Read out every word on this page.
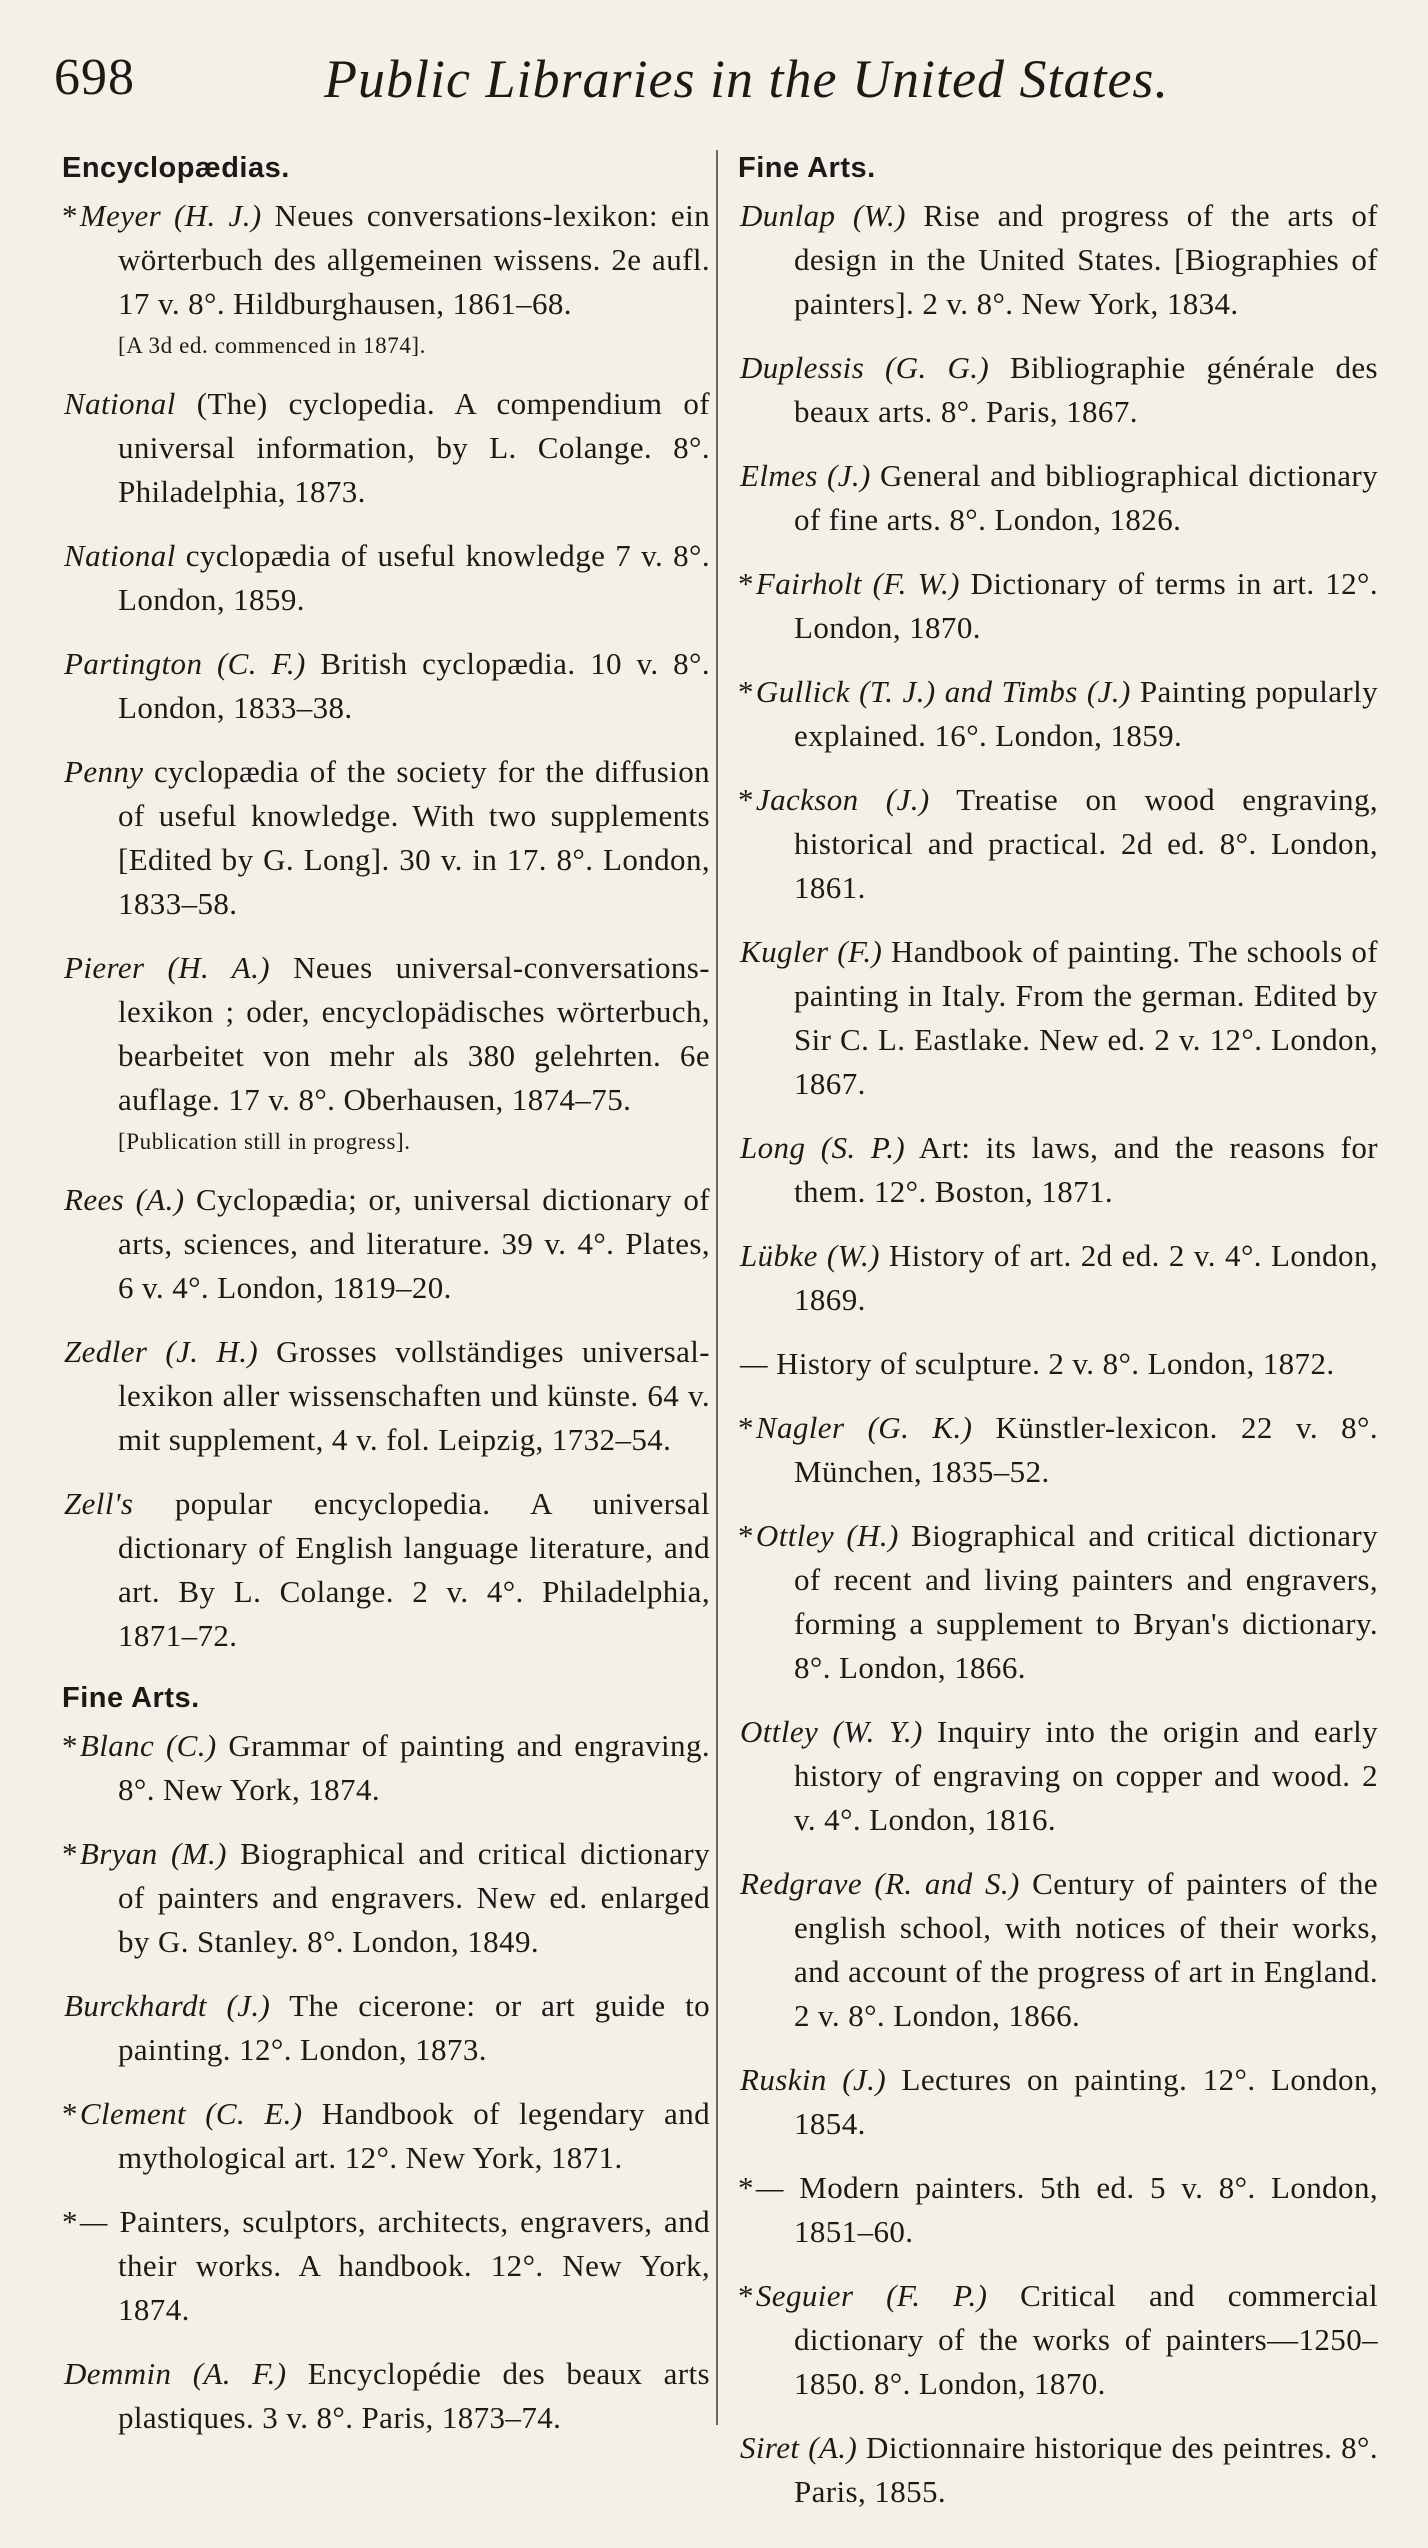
698	Public Libraries in the United States.
Encyclopædias.

*Meyer (H. J.) Neues conversations-lexikon: ein wörterbuch des allgemeinen wissens. 2e aufl. 17 v. 8°. Hildburghausen, 1861–68.

[A 3d ed. commenced in 1874].

National (The) cyclopedia. A compendium of universal information, by L. Colange. 8°. Philadelphia, 1873.

National cyclopædia of useful knowledge 7 v. 8°. London, 1859.

Partington (C. F.) British cyclopædia. 10 v. 8°. London, 1833–38.

Penny cyclopædia of the society for the diffusion of useful knowledge. With two supplements [Edited by G. Long]. 30 v. in 17. 8°. London, 1833–58.

Pierer (H. A.) Neues universal-conversations-lexikon ; oder, encyclopädisches wörterbuch, bearbeitet von mehr als 380 gelehrten. 6e auflage. 17 v. 8°. Oberhausen, 1874–75.

[Publication still in progress].

Rees (A.) Cyclopædia; or, universal dictionary of arts, sciences, and literature. 39 v. 4°. Plates, 6 v. 4°. London, 1819–20.

Zedler (J. H.) Grosses vollständiges universal-lexikon aller wissenschaften und künste. 64 v. mit supplement, 4 v. fol. Leipzig, 1732–54.

Zell's popular encyclopedia. A universal dictionary of English language literature, and art. By L. Colange. 2 v. 4°. Philadelphia, 1871–72.

Fine Arts.

*Blanc (C.) Grammar of painting and engraving. 8°. New York, 1874.

*Bryan (M.) Biographical and critical dictionary of painters and engravers. New ed. enlarged by G. Stanley. 8°. London, 1849.

Burckhardt (J.) The cicerone: or art guide to painting. 12°. London, 1873.

*Clement (C. E.) Handbook of legendary and mythological art. 12°. New York, 1871.

*— Painters, sculptors, architects, engravers, and their works. A handbook. 12°. New York, 1874.

Demmin (A. F.) Encyclopédie des beaux arts plastiques. 3 v. 8°. Paris, 1873–74.

Fine Arts.

Dunlap (W.) Rise and progress of the arts of design in the United States. [Biographies of painters]. 2 v. 8°. New York, 1834.

Duplessis (G. G.) Bibliographie générale des beaux arts. 8°. Paris, 1867.

Elmes (J.) General and bibliographical dictionary of fine arts. 8°. London, 1826.

*Fairholt (F. W.) Dictionary of terms in art. 12°. London, 1870.

*Gullick (T. J.) and Timbs (J.) Painting popularly explained. 16°. London, 1859.

*Jackson (J.) Treatise on wood engraving, historical and practical. 2d ed. 8°. London, 1861.

Kugler (F.) Handbook of painting. The schools of painting in Italy. From the german. Edited by Sir C. L. Eastlake. New ed. 2 v. 12°. London, 1867.

Long (S. P.) Art: its laws, and the reasons for them. 12°. Boston, 1871.

Lübke (W.) History of art. 2d ed. 2 v. 4°. London, 1869.

— History of sculpture. 2 v. 8°. London, 1872.

*Nagler (G. K.) Künstler-lexicon. 22 v. 8°. München, 1835–52.

*Ottley (H.) Biographical and critical dictionary of recent and living painters and engravers, forming a supplement to Bryan's dictionary. 8°. London, 1866.

Ottley (W. Y.) Inquiry into the origin and early history of engraving on copper and wood. 2 v. 4°. London, 1816.

Redgrave (R. and S.) Century of painters of the english school, with notices of their works, and account of the progress of art in England. 2 v. 8°. London, 1866.

Ruskin (J.) Lectures on painting. 12°. London, 1854.

*— Modern painters. 5th ed. 5 v. 8°. London, 1851–60.

*Seguier (F. P.) Critical and commercial dictionary of the works of painters—1250–1850. 8°. London, 1870.

Siret (A.) Dictionnaire historique des peintres. 8°. Paris, 1855.
